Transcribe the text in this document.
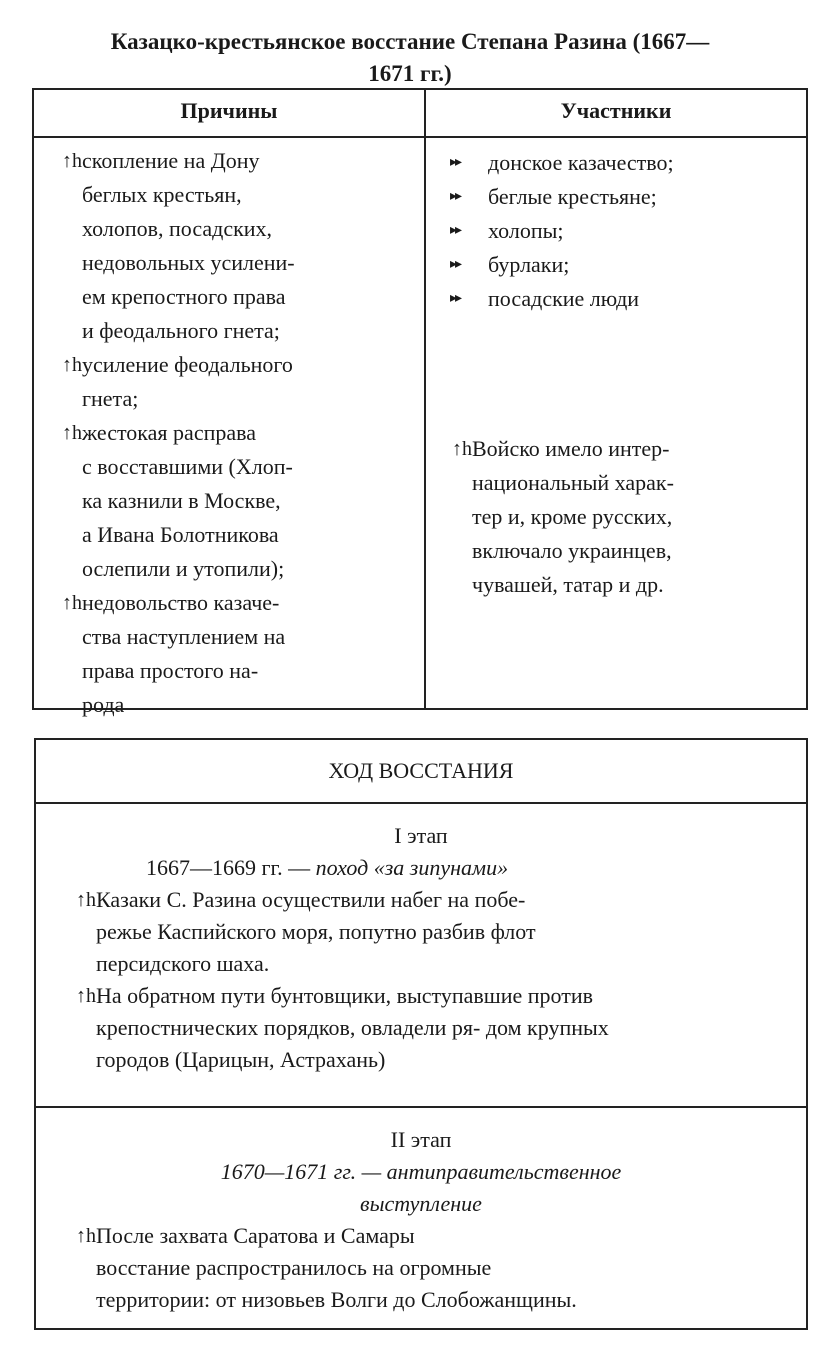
Казацко-крестьянское восстание Степана Разина (1667—
1671 гг.)
Причины	Участники
↑h скопление на Дону
беглых крестьян,
холопов, посадских,
недовольных усилени-
ем крепостного права
и феодального гнета;
↑h усиление феодального
гнета;
↑h жестокая расправа
с восставшими (Хлоп-
ка казнили в Москве,
а Ивана Болотникова
ослепили и утопили);
↑h недовольство казаче-
ства наступлением на
права простого на-
рода
▸▸ донское казачество;
▸▸ беглые крестьяне;
▸▸ холопы;
▸▸ бурлаки;
▸▸ посадские люди
↑h Войско имело интер-
национальный харак-
тер и, кроме русских,
включало украинцев,
чувашей, татар и др.
ХОД ВОССТАНИЯ
I этап
1667—1669 гг. — поход «за зипунами»
↑h Казаки С. Разина осуществили набег на побе-
режье Каспийского моря, попутно разбив флот
персидского шаха.
↑h На обратном пути бунтовщики, выступавшие против
крепостнических порядков, овладели ря- дом крупных
городов (Царицын, Астрахань)
II этап
1670—1671 гг. — антиправительственное
выступление
↑h После захвата Саратова и Самары
восстание распространилось на огромные
территории: от низовьев Волги до Слобожанщины.
